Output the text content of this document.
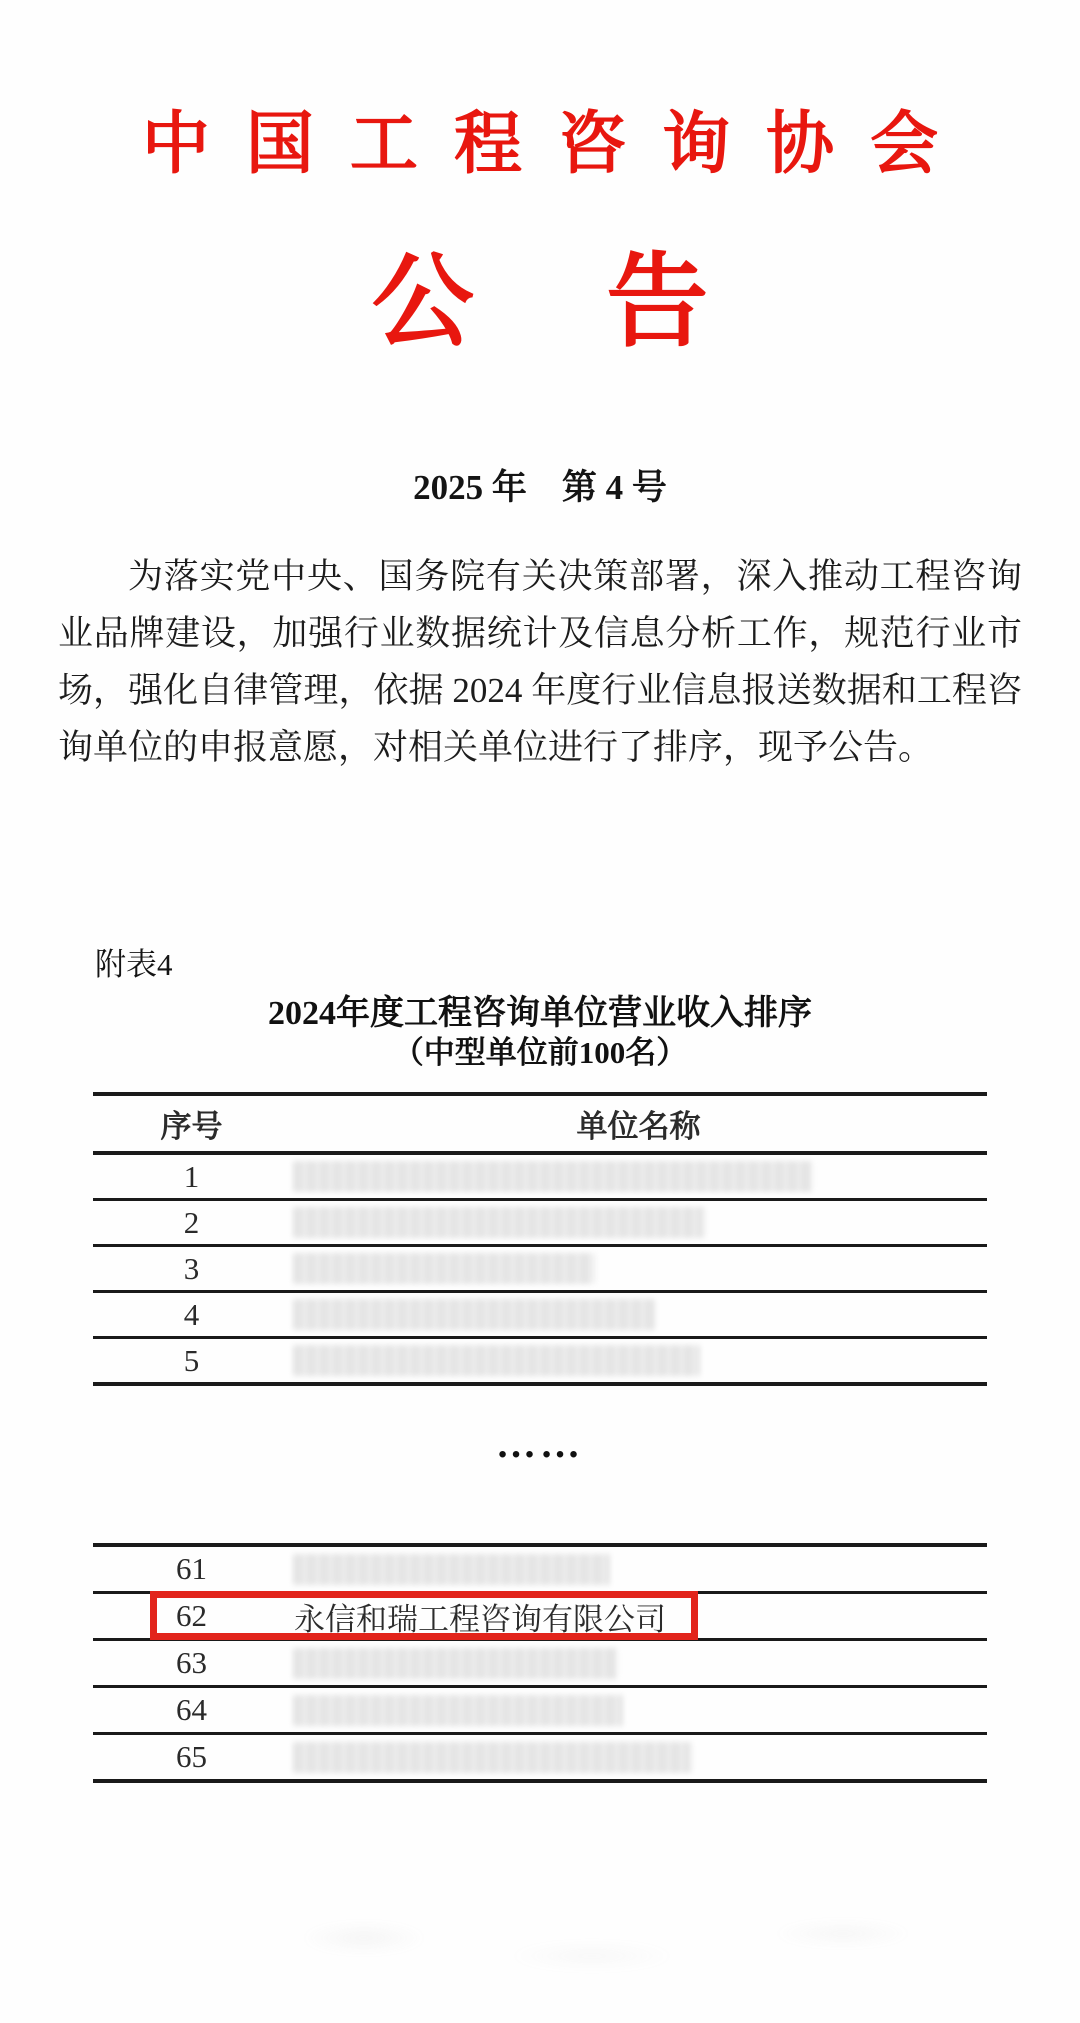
中国工程咨询协会
公告
2025 年　第 4 号
为落实党中央、国务院有关决策部署，深入推动工程咨询
业品牌建设，加强行业数据统计及信息分析工作，规范行业市
场，强化自律管理，依据 2024 年度行业信息报送数据和工程咨
询单位的申报意愿，对相关单位进行了排序，现予公告。
附表4
2024年度工程咨询单位营业收入排序
（中型单位前100名）
序号	单位名称
1
2
3
4
5
……
61
62	永信和瑞工程咨询有限公司
63
64
65
